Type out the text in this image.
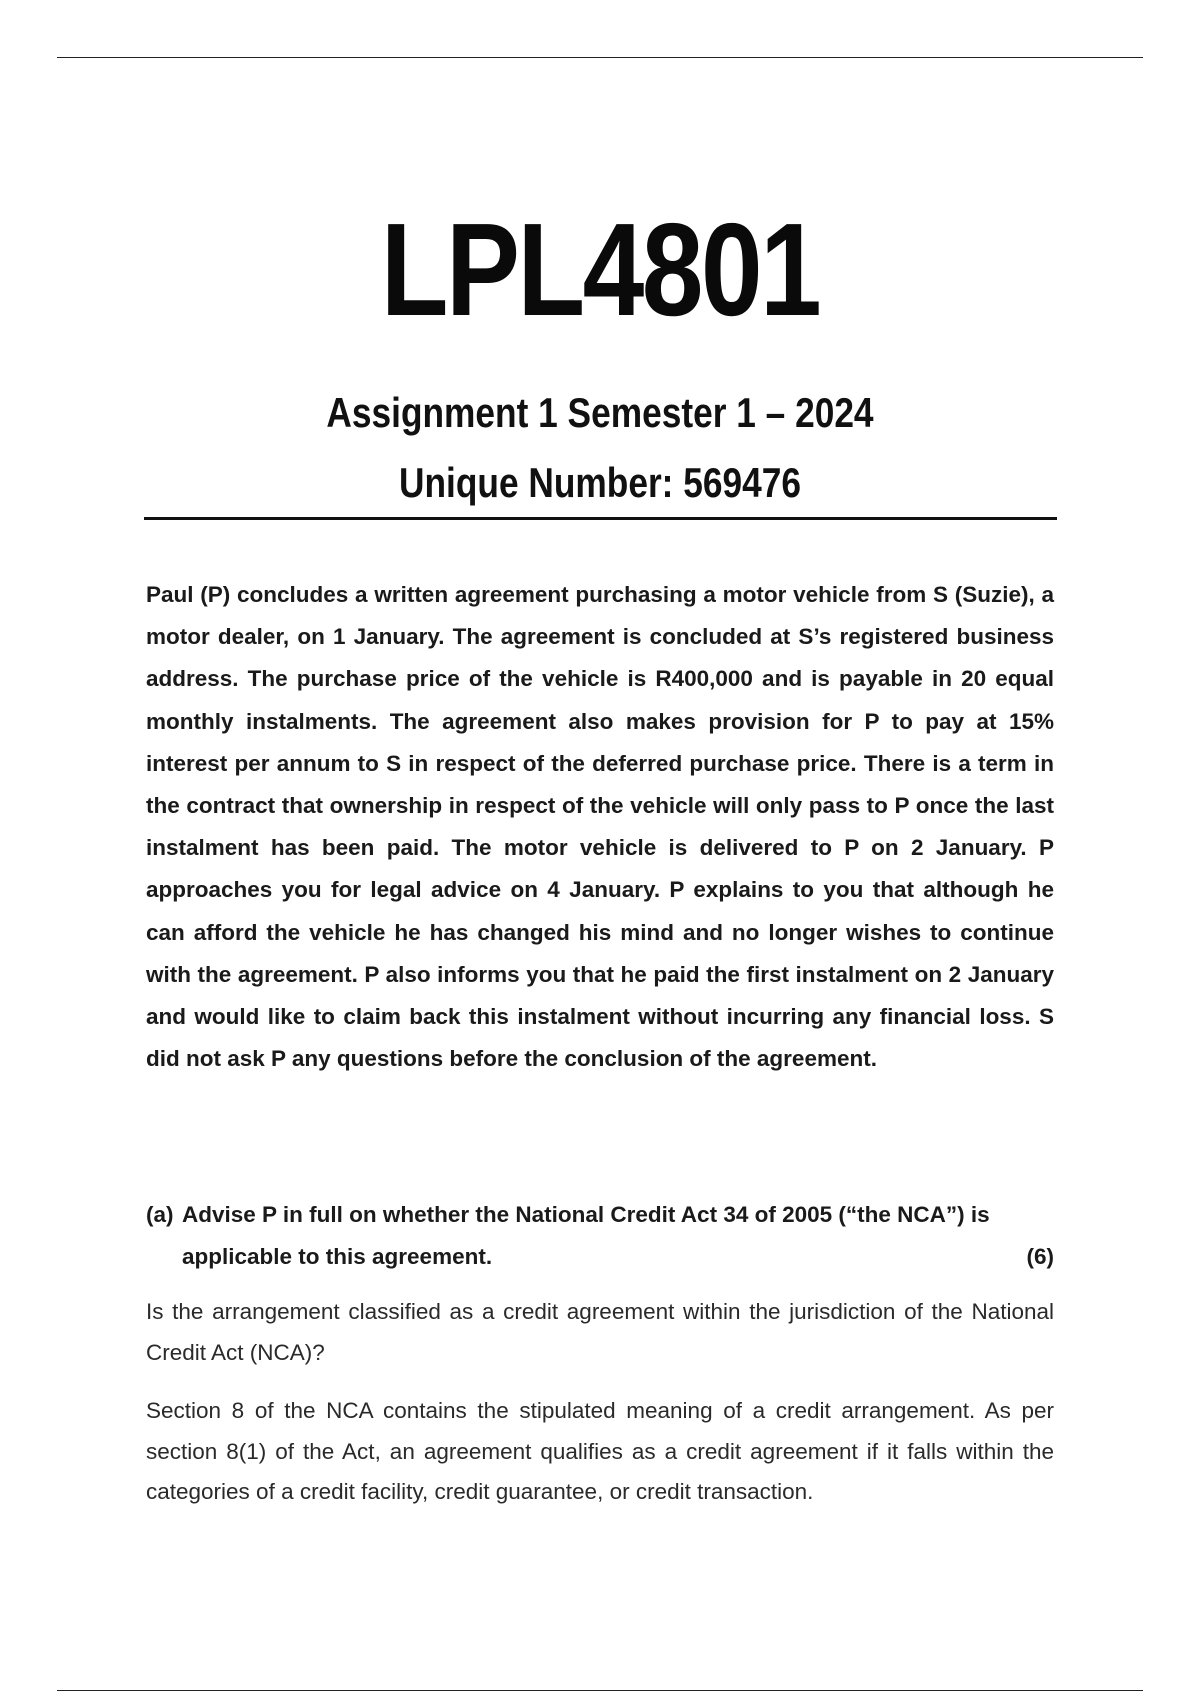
LPL4801
Assignment 1 Semester 1 – 2024
Unique Number: 569476

Paul (P) concludes a written agreement purchasing a motor vehicle from S (Suzie), a motor dealer, on 1 January. The agreement is concluded at S’s registered business address. The purchase price of the vehicle is R400,000 and is payable in 20 equal monthly instalments. The agreement also makes provision for P to pay at 15% interest per annum to S in respect of the deferred purchase price. There is a term in the contract that ownership in respect of the vehicle will only pass to P once the last instalment has been paid. The motor vehicle is delivered to P on 2 January. P approaches you for legal advice on 4 January. P explains to you that although he can afford the vehicle he has changed his mind and no longer wishes to continue with the agreement. P also informs you that he paid the first instalment on 2 January and would like to claim back this instalment without incurring any financial loss. S did not ask P any questions before the conclusion of the agreement.

(a) Advise P in full on whether the National Credit Act 34 of 2005 (“the NCA”) is applicable to this agreement.	(6)

Is the arrangement classified as a credit agreement within the jurisdiction of the National Credit Act (NCA)?

Section 8 of the NCA contains the stipulated meaning of a credit arrangement. As per section 8(1) of the Act, an agreement qualifies as a credit agreement if it falls within the categories of a credit facility, credit guarantee, or credit transaction.
